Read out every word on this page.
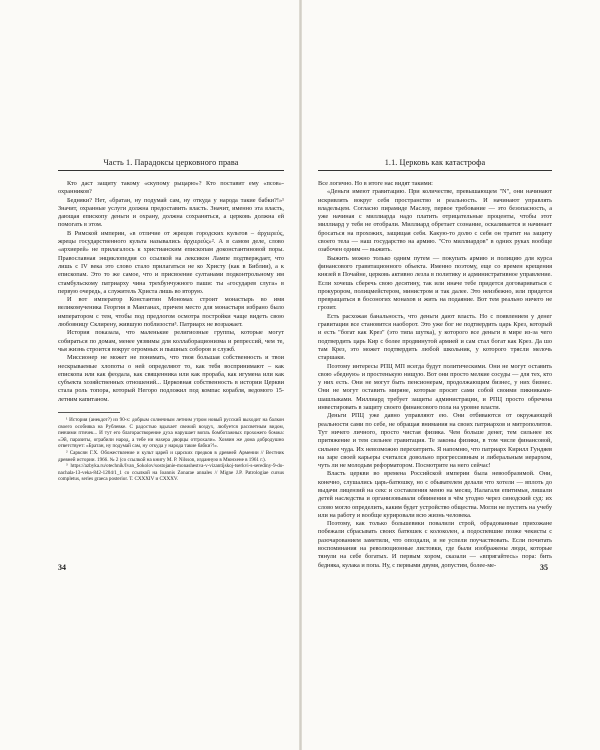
Часть 1. Парадоксы церковного права

Кто даст защиту такому «скупому рыцарю»? Кто поставит ему «псов»-охранников?

Бедняки? Нет, «братан, ну подумай сам, ну откуда у народа такие бабки?!»¹ Значит, охранные услуги должна предоставить власть. Значит, именно эта власть, дающая епископу деньги и охрану, должна сохраняться, а церковь должна ей помогать в этом.

В Римской империи, «в отличие от жрецов городских культов – άρχιερεύς, жрецы государственного культа назывались άρχιερεύς»². А в самом деле, слово «архиерей» не прилагалось к христианским епископам доконстантиновой поры. Православная энциклопедия со ссылкой на лексикон Лампе подтверждает, что лишь с IV века это слово стало прилагаться не ко Христу (как в Библии), а к епископам. Это то же самое, что и присвоение султанами подконтрольному им стамбульскому патриарху чина трехбунчужного паши: ты «государев слуга» в первую очередь, а служитель Христа лишь во вторую.

И вот император Константин Мономах строит монастырь во имя великомученика Георгия в Манганах, причем место для монастыря избрано было императором с тем, чтобы под предлогом осмотра постройки чаще видеть свою любовницу Склирену, жившую поблизости³. Патриарх не возражает.

История показала, что маленькие религиозные группы, которые могут собираться по домам, менее уязвимы для коллаборационизма и репрессий, чем те, чья жизнь строится вокруг огромных и пышных соборов и служб.

Миссионер не может не понимать, что твоя большая собственность и твои нескрываемые хлопоты о ней определяют то, как тебя воспринимают – как епископа или как феодала, как священника или как прораба, как игумена или как субъекта хозяйственных отношений... Церковная собственность в истории Церкви стала роль топора, который Негоро подложил под компас корабля, ведомого 15-летним капитаном.

¹ История (анекдот?) из 90-х: добрым солнечным летним утром новый русский выходит на балкон своего особняка на Рублевке. С радостью вдыхает свежий воздух, любуется рассветным видом, певчими птичек... И тут его благорастворение духа нарушает вопль бомботажных прохожего бомжа: «Эй, паразиты, ограбили народ, а тебе ни нахера дворцы отгрохали». Хозяин же дома добродушно ответствует: «Братан, ну подумай сам, ну откуда у народа такие бабки?!».

² Сарксян Г.Х. Обожествление и культ царей и царских предков в древней Армении // Вестник древней истории. 1966. № 2 (со ссылкой на книгу M. P. Nilsson, изданную в Мюнхене в 1961 г.).

³ https://azbyka.ru/otechnik/Ivan_Sokolov/sostojanie-monashestva-v-vizantijskoj-tserkvi-s-serediny-9-do-nachala-13-veka-842-1204/1_1 со ссылкой на Ioannis Zonarae annales // Migne J.P. Patrologiae cursus completus, series graeca posterior. T. CXXXIV и CXXXV.

34
1.1. Церковь как катастрофа

Все логично. Но в итоге нас видят такими:

«Деньги имеют гравитацию. При количестве, превышающем "N", они начинают искривлять вокруг себя пространство и реальность. И начинают управлять владельцем. Согласно пирамиде Маслоу, первое требование — это безопасность, а уже начиная с миллиарда надо платить отрицательные проценты, чтобы этот миллиард у тебя не отобрали. Миллиард обретает сознание, оскаливается и начинает бросаться на прохожих, защищая себя. Какую-то долю с себя он тратит на защиту своего тела — наш государство на армию. "Сто миллиардов" в одних руках вообще озабочен одним — выжить.

Выжить можно только одним путем — покупать армию и полицию для курса финансового гравитационного объекта. Именно поэтому, еще со времен крещения князей в Почайне, церковь активно лезла в политику и административное управление. Если хочешь сберечь свою десятину, так или иначе тебе придется договариваться с прокурором, полицмейстером, министром и так далее. Это неизбежно, или придется превращаться в босоногих монахов и жить на подаяние. Вот тем реально ничего не грозит.

Есть расхожая банальность, что деньги дают власть. Но с появлением у денег гравитации все становится наоборот. Это уже бог не подтвердить царь Крез, который и есть "богат как Крез" (это типа шутка), у которого все деньги в мире из-за чего подтвердить царь Кир с более продвинутой армией и сам стал богат как Крез. Да шо там Крез, это может подтвердить любой школьник, у которого трясли мелочь старшаки.

Поэтому интересы РПЦ МП всегда будут политическими. Они не могут оставить свою «бедную» и простенькую нищую. Вот они просто мелкие сосуды — для тех, кто у них есть. Они не могут быть пенсионерам, продолжающим бизнес, у них бизнес. Они не могут оставить миряне, которые просят сами собой своими пикниками-шашлыками. Миллиард требует защиты администрации, и РПЦ просто обречена инвестировать в защиту своего финансового пола на уровне власти.

Деньги РПЦ уже давно управляют ею. Они отбиваются от окружающей реальности сами по себе, не обращая внимания на своих патриархов и митрополитов. Тут ничего личного, просто чистая физика. Чем больше денег, тем сильнее их притяжение и тем сильнее гравитация. Те законы физики, в том числе финансовой, сильнее чуда. Их невозможно перехитрить. Я напомню, что патриарх Кирилл Гундяев на заре своей карьеры считался довольно прогрессивным и либеральным иерархом, чуть ли не молодым реформатором. Посмотрите на него сейчас!

Власть церкви во времена Российской империи была невообразимой. Они, конечно, слушались царь-батюшку, но с обывателем делали что хотели — вплоть до выдачи лицензий на секс и составления меню на месяц. Налагали епитимьи, лишали детей наследства и организовывали обвинения в чём угодно через синодский суд: их слово могло определить, каким будет устройство общества. Могли не пустить на учебу или на работу и вообще курировали всю жизнь человека.

Поэтому, как только большевики повалили строй, обрадованные прихожане побежали сбрасывать своих батюшек с колоколен, а подоспевшие позже чекисты с разочарованием заметили, что опоздали, и не успели поучаствовать. Если почитать воспоминания на революционные листовки, где были изображены люди, которые тянули на себе богатых. И первым хором, сказали — «впрягайтесь» пора: бить бедняка, кулака и попа. Ну, с первыми двумя, допустим, более-ме-	35
